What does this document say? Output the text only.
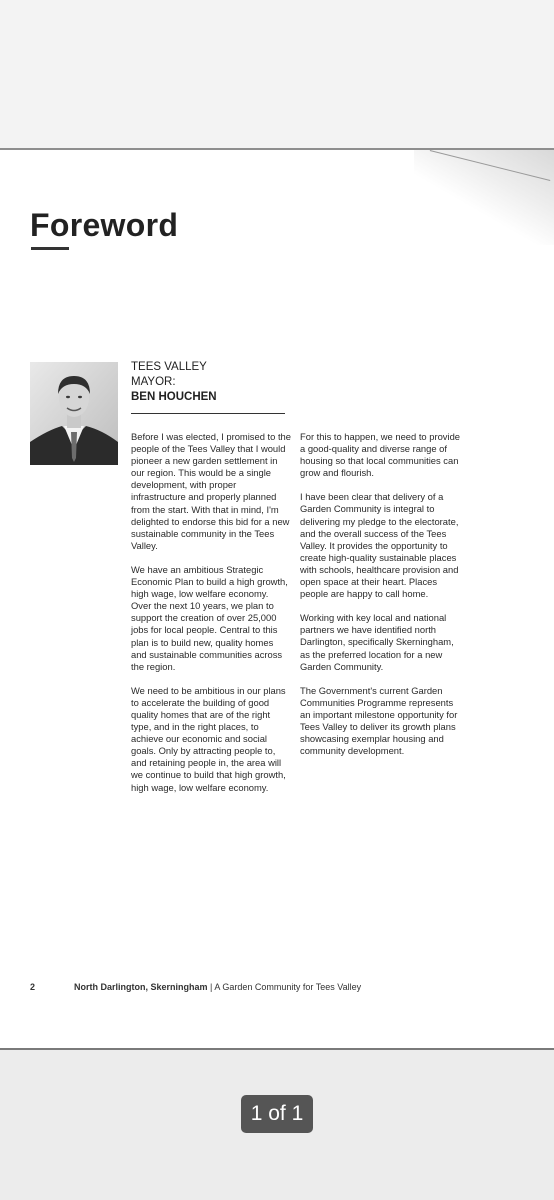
Foreword
TEES VALLEY
MAYOR:
BEN HOUCHEN

Before I was elected, I promised to the people of the Tees Valley that I would pioneer a new garden settlement in our region. This would be a single development, with proper infrastructure and properly planned from the start. With that in mind, I'm delighted to endorse this bid for a new sustainable community in the Tees Valley.

We have an ambitious Strategic Economic Plan to build a high growth, high wage, low welfare economy. Over the next 10 years, we plan to support the creation of over 25,000 jobs for local people. Central to this plan is to build new, quality homes and sustainable communities across the region.

We need to be ambitious in our plans to accelerate the building of good quality homes that are of the right type, and in the right places, to achieve our economic and social goals. Only by attracting people to, and retaining people in, the area will we continue to build that high growth, high wage, low welfare economy.

For this to happen, we need to provide a good-quality and diverse range of housing so that local communities can grow and flourish.

I have been clear that delivery of a Garden Community is integral to delivering my pledge to the electorate, and the overall success of the Tees Valley. It provides the opportunity to create high-quality sustainable places with schools, healthcare provision and open space at their heart. Places people are happy to call home.

Working with key local and national partners we have identified north Darlington, specifically Skerningham, as the preferred location for a new Garden Community.

The Government's current Garden Communities Programme represents an important milestone opportunity for Tees Valley to deliver its growth plans showcasing exemplar housing and community development.

2	North Darlington, Skerningham | A Garden Community for Tees Valley
1 of 1
